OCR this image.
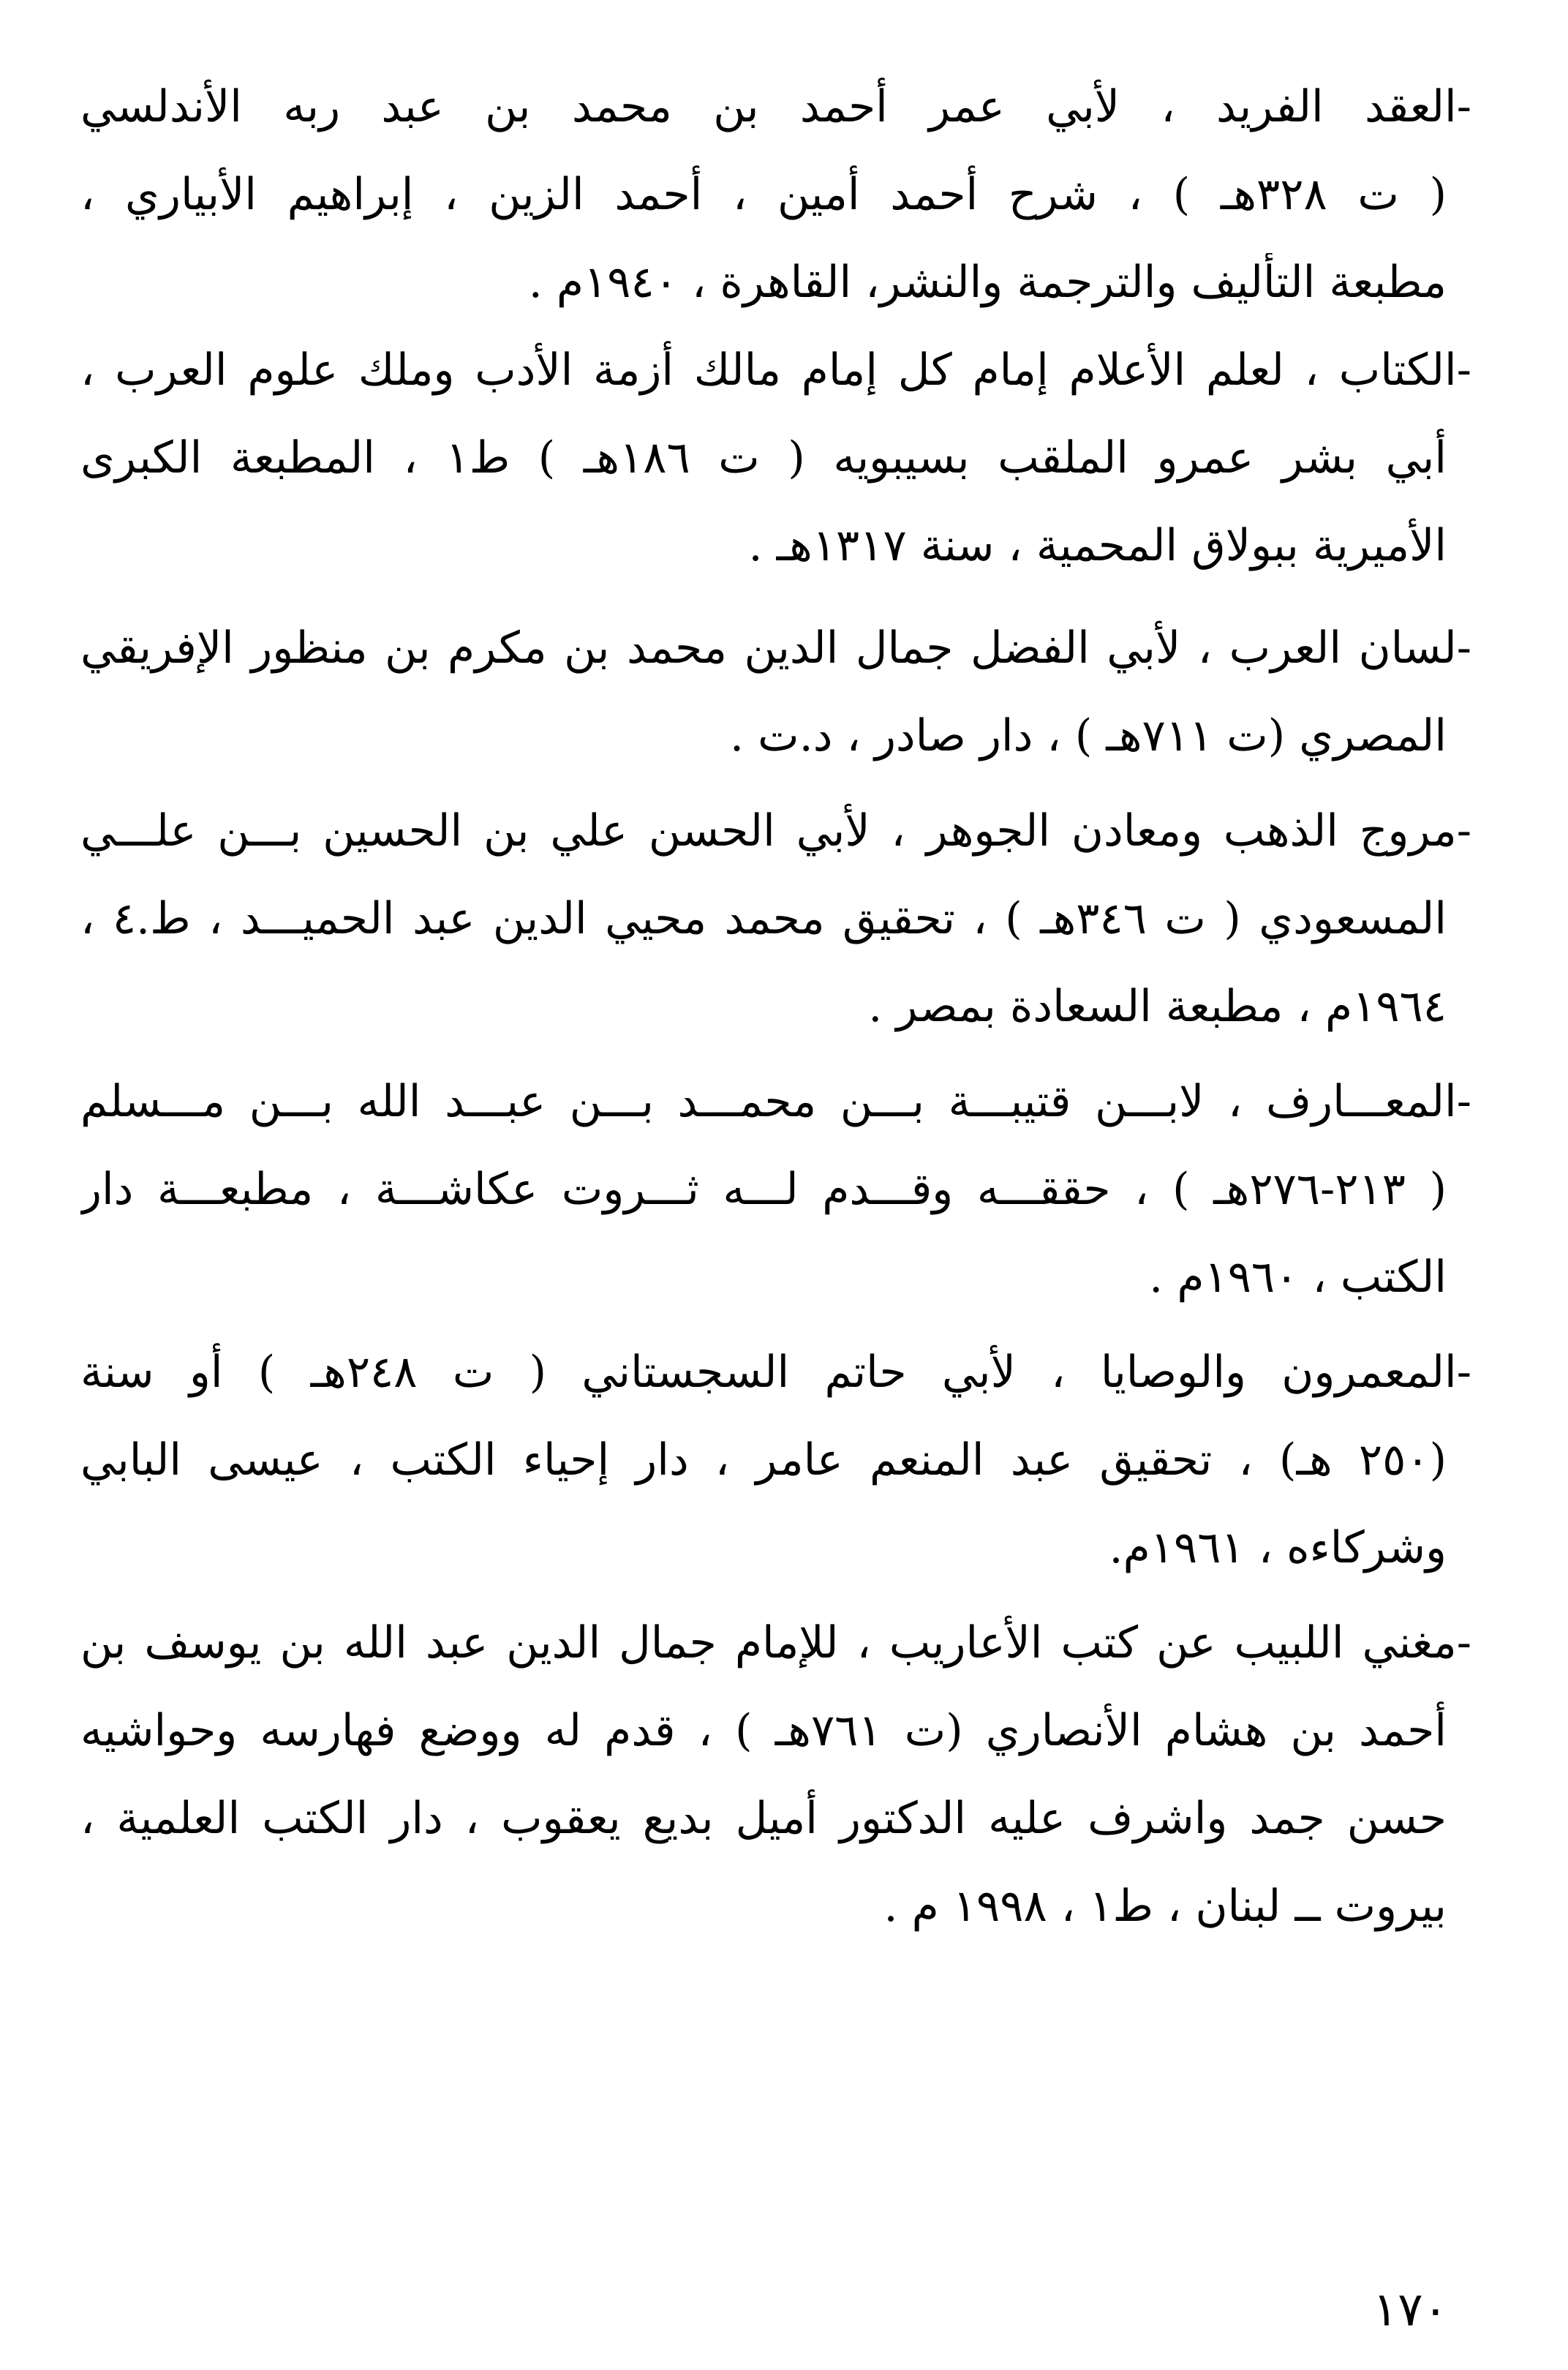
-العقد الفريد ، لأبي عمر أحمد بن محمد بن عبد ربه الأندلسي
( ت ٣٢٨هـ ) ، شرح أحمد أمين ، أحمد الزين ، إبراهيم الأبياري ،
مطبعة التأليف والترجمة والنشر، القاهرة ، ١٩٤٠م .
-الكتاب ، لعلم الأعلام إمام كل إمام مالك أزمة الأدب وملك علوم العرب ،
أبي بشر عمرو الملقب بسيبويه ( ت ١٨٦هـ ) ط١ ، المطبعة الكبرى
الأميرية ببولاق المحمية ، سنة ١٣١٧هـ .
-لسان العرب ، لأبي الفضل جمال الدين محمد بن مكرم بن منظور الإفريقي
المصري (ت ٧١١هـ ) ، دار صادر ، د.ت .
-مروج الذهب ومعادن الجوهر ، لأبي الحسن علي بن الحسين بـــن علـــي
المسعودي ( ت ٣٤٦هـ ) ، تحقيق محمد محيي الدين عبد الحميـــد ، ط.٤ ،
١٩٦٤م ، مطبعة السعادة بمصر .
-المعـــارف ، لابـــن قتيبـــة بـــن محمـــد بـــن عبـــد الله بـــن مـــسلم
( ٢١٣-٢٧٦هـ ) ، حققـــه وقـــدم لـــه ثـــروت عكاشـــة ، مطبعـــة دار
الكتب ، ١٩٦٠م .
-المعمرون والوصايا ، لأبي حاتم السجستاني ( ت ٢٤٨هـ ) أو سنة
(٢٥٠ هـ) ، تحقيق عبد المنعم عامر ، دار إحياء الكتب ، عيسى البابي
وشركاءه ، ١٩٦١م.
-مغني اللبيب عن كتب الأعاريب ، للإمام جمال الدين عبد الله بن يوسف بن
أحمد بن هشام الأنصاري (ت ٧٦١هـ ) ، قدم له ووضع فهارسه وحواشيه
حسن جمد واشرف عليه الدكتور أميل بديع يعقوب ، دار الكتب العلمية ،
بيروت ــ لبنان ، ط١ ، ١٩٩٨ م .
١٧٠
